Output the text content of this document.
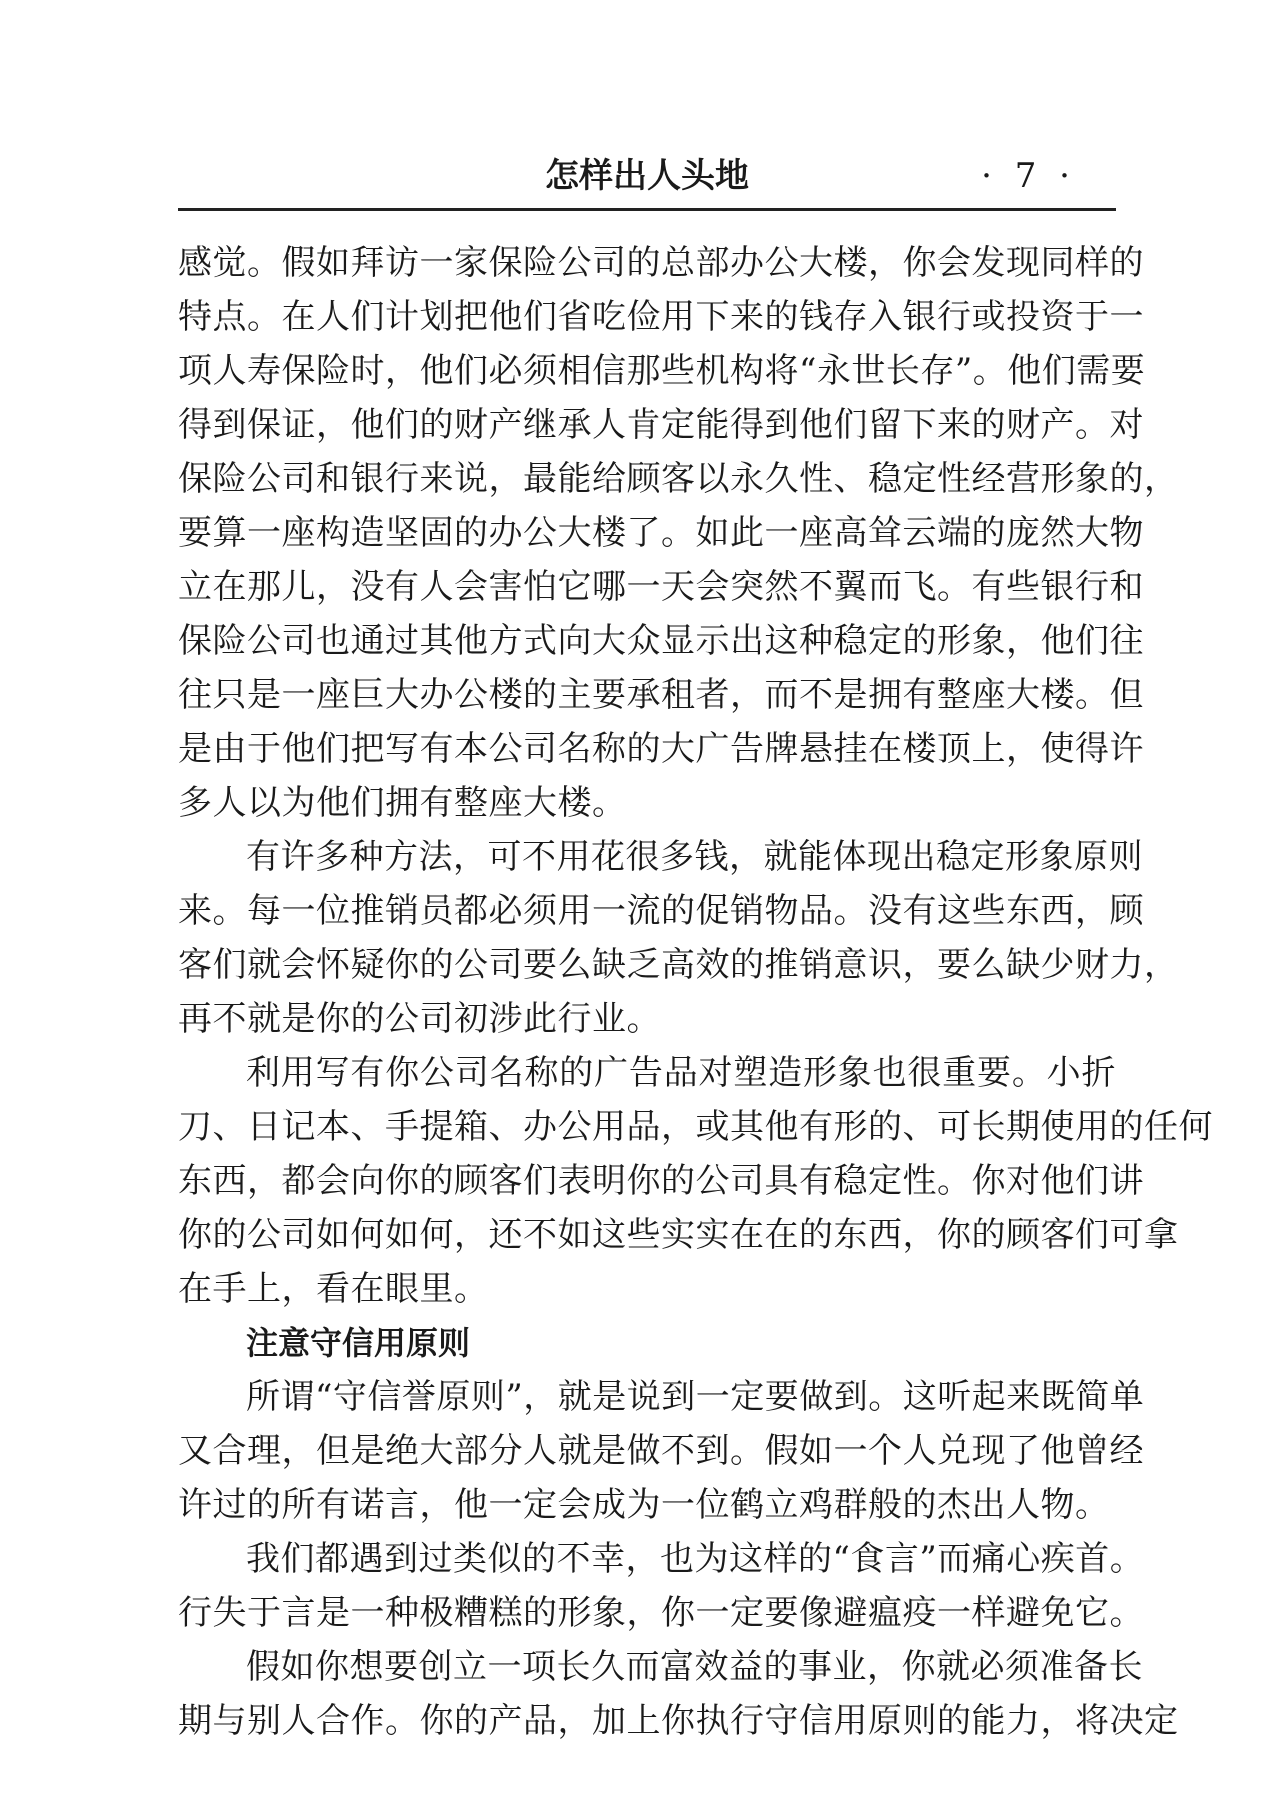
怎样出人头地	· 7 ·
感觉。假如拜访一家保险公司的总部办公大楼，你会发现同样的
特点。在人们计划把他们省吃俭用下来的钱存入银行或投资于一
项人寿保险时，他们必须相信那些机构将“永世长存”。他们需要
得到保证，他们的财产继承人肯定能得到他们留下来的财产。对
保险公司和银行来说，最能给顾客以永久性、稳定性经营形象的，
要算一座构造坚固的办公大楼了。如此一座高耸云端的庞然大物
立在那儿，没有人会害怕它哪一天会突然不翼而飞。有些银行和
保险公司也通过其他方式向大众显示出这种稳定的形象，他们往
往只是一座巨大办公楼的主要承租者，而不是拥有整座大楼。但
是由于他们把写有本公司名称的大广告牌悬挂在楼顶上，使得许
多人以为他们拥有整座大楼。
有许多种方法，可不用花很多钱，就能体现出稳定形象原则
来。每一位推销员都必须用一流的促销物品。没有这些东西，顾
客们就会怀疑你的公司要么缺乏高效的推销意识，要么缺少财力，
再不就是你的公司初涉此行业。
利用写有你公司名称的广告品对塑造形象也很重要。小折
刀、日记本、手提箱、办公用品，或其他有形的、可长期使用的任何
东西，都会向你的顾客们表明你的公司具有稳定性。你对他们讲
你的公司如何如何，还不如这些实实在在的东西，你的顾客们可拿
在手上，看在眼里。
注意守信用原则
所谓“守信誉原则”，就是说到一定要做到。这听起来既简单
又合理，但是绝大部分人就是做不到。假如一个人兑现了他曾经
许过的所有诺言，他一定会成为一位鹤立鸡群般的杰出人物。
我们都遇到过类似的不幸，也为这样的“食言”而痛心疾首。
行失于言是一种极糟糕的形象，你一定要像避瘟疫一样避免它。
假如你想要创立一项长久而富效益的事业，你就必须准备长
期与别人合作。你的产品，加上你执行守信用原则的能力，将决定
